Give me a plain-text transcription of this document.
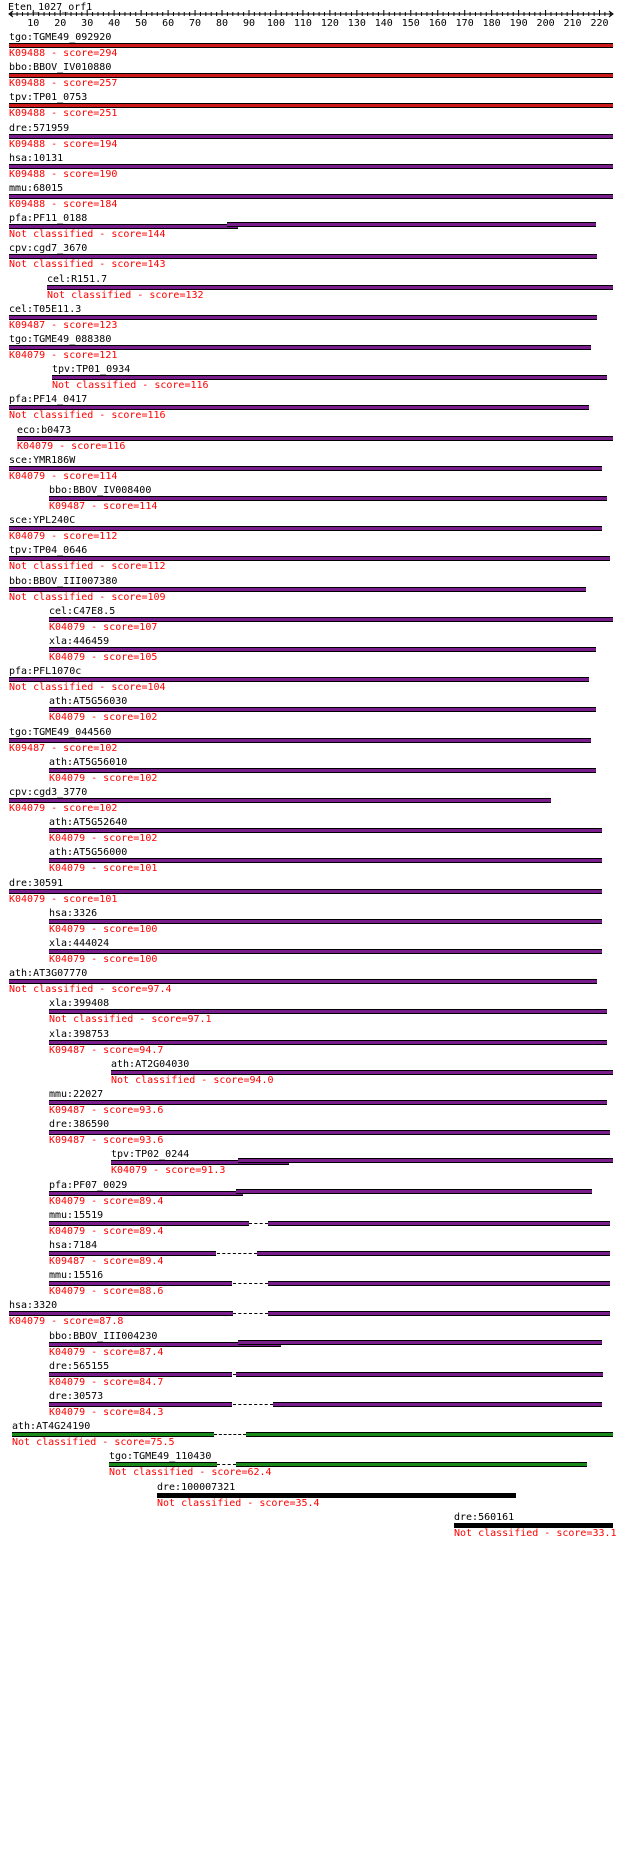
Eten_1027_orf1
10 20 30 40 50 60 70 80 90 100 110 120 130 140 150 160 170 180 190 200 210 220
tgo:TGME49_092920
K09488 - score=294
bbo:BBOV_IV010880
K09488 - score=257
tpv:TP01_0753
K09488 - score=251
dre:571959
K09488 - score=194
hsa:10131
K09488 - score=190
mmu:68015
K09488 - score=184
pfa:PF11_0188
Not classified - score=144
cpv:cgd7_3670
Not classified - score=143
cel:R151.7
Not classified - score=132
cel:T05E11.3
K09487 - score=123
tgo:TGME49_088380
K04079 - score=121
tpv:TP01_0934
Not classified - score=116
pfa:PF14_0417
Not classified - score=116
eco:b0473
K04079 - score=116
sce:YMR186W
K04079 - score=114
bbo:BBOV_IV008400
K09487 - score=114
sce:YPL240C
K04079 - score=112
tpv:TP04_0646
Not classified - score=112
bbo:BBOV_III007380
Not classified - score=109
cel:C47E8.5
K04079 - score=107
xla:446459
K04079 - score=105
pfa:PFL1070c
Not classified - score=104
ath:AT5G56030
K04079 - score=102
tgo:TGME49_044560
K09487 - score=102
ath:AT5G56010
K04079 - score=102
cpv:cgd3_3770
K04079 - score=102
ath:AT5G52640
K04079 - score=102
ath:AT5G56000
K04079 - score=101
dre:30591
K04079 - score=101
hsa:3326
K04079 - score=100
xla:444024
K04079 - score=100
ath:AT3G07770
Not classified - score=97.4
xla:399408
Not classified - score=97.1
xla:398753
K09487 - score=94.7
ath:AT2G04030
Not classified - score=94.0
mmu:22027
K09487 - score=93.6
dre:386590
K09487 - score=93.6
tpv:TP02_0244
K04079 - score=91.3
pfa:PF07_0029
K04079 - score=89.4
mmu:15519
K04079 - score=89.4
hsa:7184
K09487 - score=89.4
mmu:15516
K04079 - score=88.6
hsa:3320
K04079 - score=87.8
bbo:BBOV_III004230
K04079 - score=87.4
dre:565155
K04079 - score=84.7
dre:30573
K04079 - score=84.3
ath:AT4G24190
Not classified - score=75.5
tgo:TGME49_110430
Not classified - score=62.4
dre:100007321
Not classified - score=35.4
dre:560161
Not classified - score=33.1
